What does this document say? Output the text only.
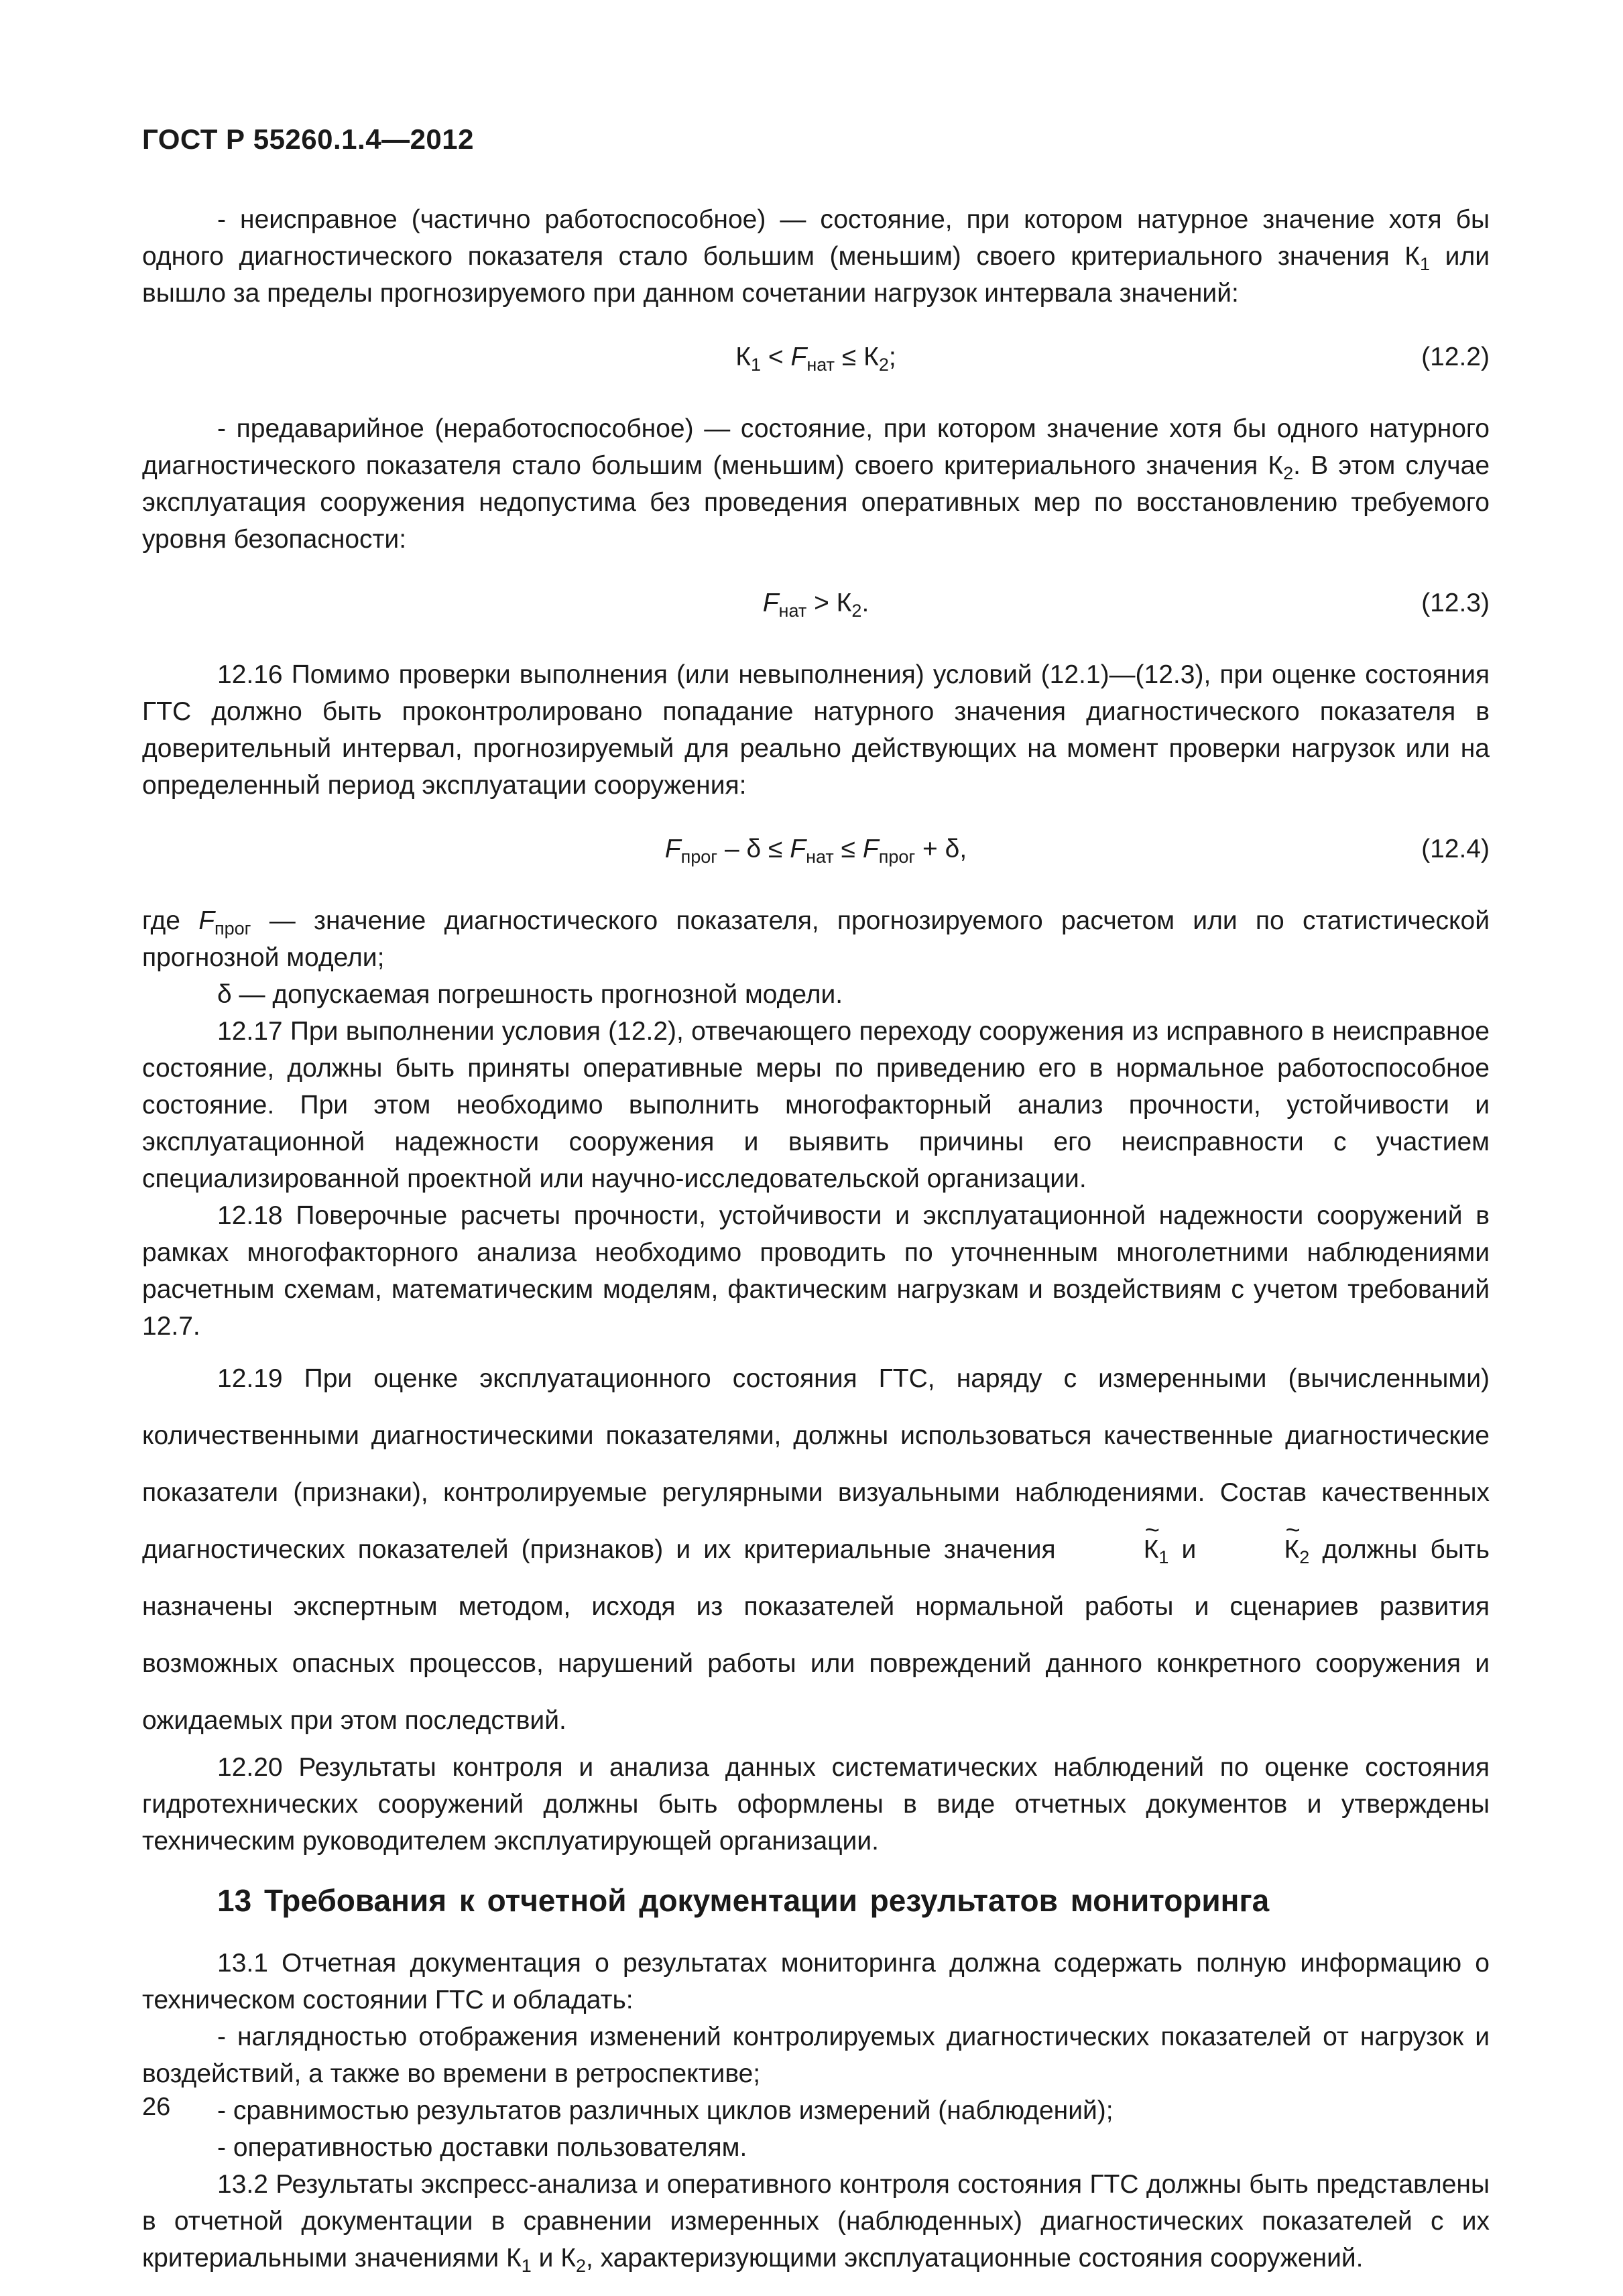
ГОСТ Р 55260.1.4—2012

- неисправное (частично работоспособное) — состояние, при котором натурное значение хотя бы одного диагностического показателя стало большим (меньшим) своего критериального значения $К_1$ или вышло за пределы прогнозируемого при данном сочетании нагрузок интервала значений:

$К_1 < F_{нат} \le К_2$;	(12.2)

- предаварийное (неработоспособное) — состояние, при котором значение хотя бы одного натурного диагностического показателя стало большим (меньшим) своего критериального значения $К_2$. В этом случае эксплуатация сооружения недопустима без проведения оперативных мер по восстановлению требуемого уровня безопасности:

$F_{нат} > К_2$.	(12.3)

12.16 Помимо проверки выполнения (или невыполнения) условий (12.1)—(12.3), при оценке состояния ГТС должно быть проконтролировано попадание натурного значения диагностического показателя в доверительный интервал, прогнозируемый для реально действующих на момент проверки нагрузок или на определенный период эксплуатации сооружения:

$F_{прог} - \delta \le F_{нат} \le F_{прог} + \delta$,	(12.4)

где $F_{прог}$ — значение диагностического показателя, прогнозируемого расчетом или по статистической прогнозной модели;

δ — допускаемая погрешность прогнозной модели.

12.17 При выполнении условия (12.2), отвечающего переходу сооружения из исправного в неисправное состояние, должны быть приняты оперативные меры по приведению его в нормальное работоспособное состояние. При этом необходимо выполнить многофакторный анализ прочности, устойчивости и эксплуатационной надежности сооружения и выявить причины его неисправности с участием специализированной проектной или научно-исследовательской организации.

12.18 Поверочные расчеты прочности, устойчивости и эксплуатационной надежности сооружений в рамках многофакторного анализа необходимо проводить по уточненным многолетними наблюдениями расчетным схемам, математическим моделям, фактическим нагрузкам и воздействиям с учетом требований 12.7.

12.19 При оценке эксплуатационного состояния ГТС, наряду с измеренными (вычисленными) количественными диагностическими показателями, должны использоваться качественные диагностические показатели (признаки), контролируемые регулярными визуальными наблюдениями. Состав качественных диагностических показателей (признаков) и их критериальные значения	~ $К_1$ и	~ $К_2$ должны быть назначены экспертным методом, исходя из показателей нормальной работы и сценариев развития возможных опасных процессов, нарушений работы или повреждений данного конкретного сооружения и ожидаемых при этом последствий.

12.20 Результаты контроля и анализа данных систематических наблюдений по оценке состояния гидротехнических сооружений должны быть оформлены в виде отчетных документов и утверждены техническим руководителем эксплуатирующей организации.

13 Требования к отчетной документации результатов мониторинга

13.1 Отчетная документация о результатах мониторинга должна содержать полную информацию о техническом состоянии ГТС и обладать:

- наглядностью отображения изменений контролируемых диагностических показателей от нагрузок и воздействий, а также во времени в ретроспективе;

- сравнимостью результатов различных циклов измерений (наблюдений);

- оперативностью доставки пользователям.

13.2 Результаты экспресс-анализа и оперативного контроля состояния ГТС должны быть представлены в отчетной документации в сравнении измеренных (наблюденных) диагностических показателей с их критериальными значениями $К_1$ и $К_2$, характеризующими эксплуатационные состояния сооружений.

26
